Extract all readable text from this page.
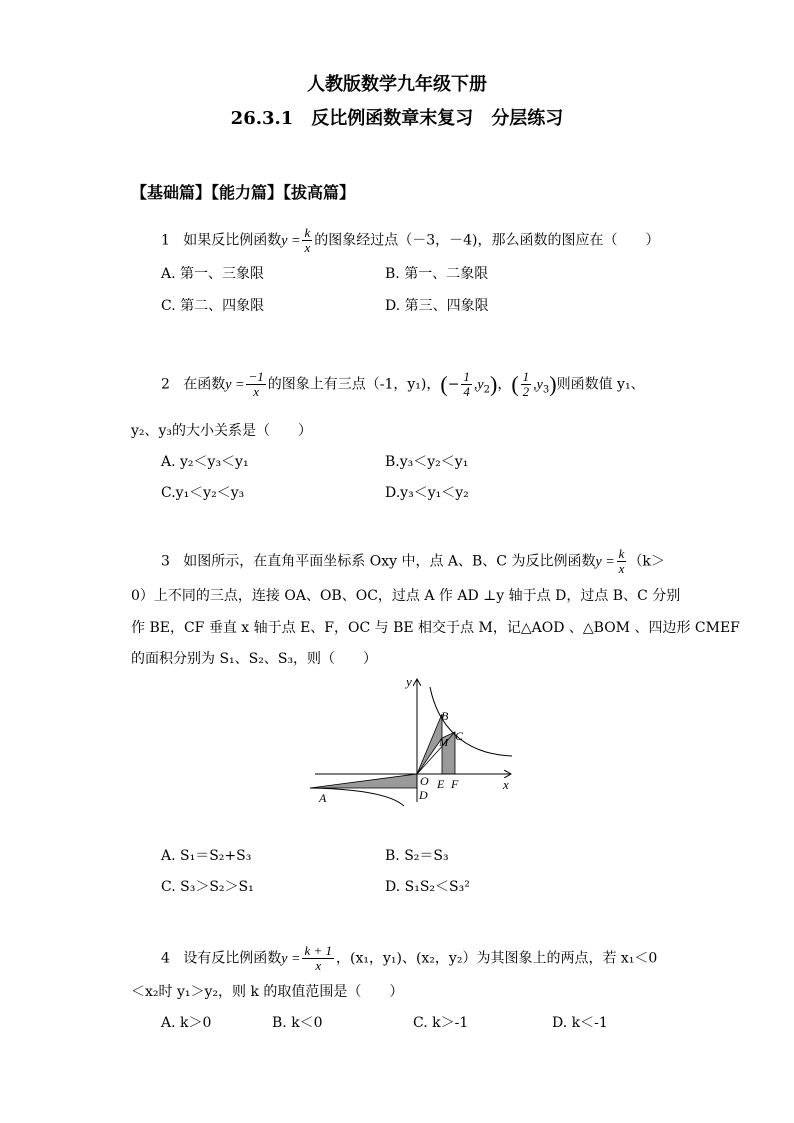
人教版数学九年级下册
26.3.1　反比例函数章末复习　分层练习
【基础篇】【能力篇】【拔高篇】
1 如果反比例函数$y = \frac{k}{x}$ 的图象经过点（－3，－4)，那么函数的图应在（　　）
A. 第一、三象限	B. 第一、二象限
C. 第二、四象限	D. 第三、四象限
2 在函数$y = \frac{-1}{x}$ 的图象上有三点（-1，y₁)，(− $\frac{1}{4} ,y_2$)，( $\frac{1}{2} ,y_3$)则函数值 y₁、
y₂、y₃的大小关系是（　　）
A. y₂＜y₃＜y₁	B.y₃＜y₂＜y₁
C.y₁＜y₂＜y₃	D.y₃＜y₁＜y₂
3 如图所示，在直角平面坐标系 Oxy 中，点 A、B、C 为反比例函数$y = \frac{k}{x} (k>$
0）上不同的三点，连接 OA、OB、OC，过点 A 作 AD ⊥y 轴于点 D，过点 B、C 分别
作 BE，CF 垂直 x 轴于点 E、F，OC 与 BE 相交于点 M，记△AOD 、△BOM 、四边形 CMEF
的面积分别为 S₁、S₂、S₃，则（　　）
y
B
M C
O E F	x
A	D
A. S₁＝S₂+S₃	B. S₂＝S₃
C. S₃＞S₂＞S₁	D. S₁S₂＜S₃²
4 设有反比例函数$y = \frac{k + 1}{x}$ ，(x₁，y₁)、(x₂，y₂）为其图象上的两点，若 x₁＜0
＜x₂时 y₁＞y₂，则 k 的取值范围是（　　）
A. k＞0	B. k＜0	C. k＞-1	D. k＜-1
